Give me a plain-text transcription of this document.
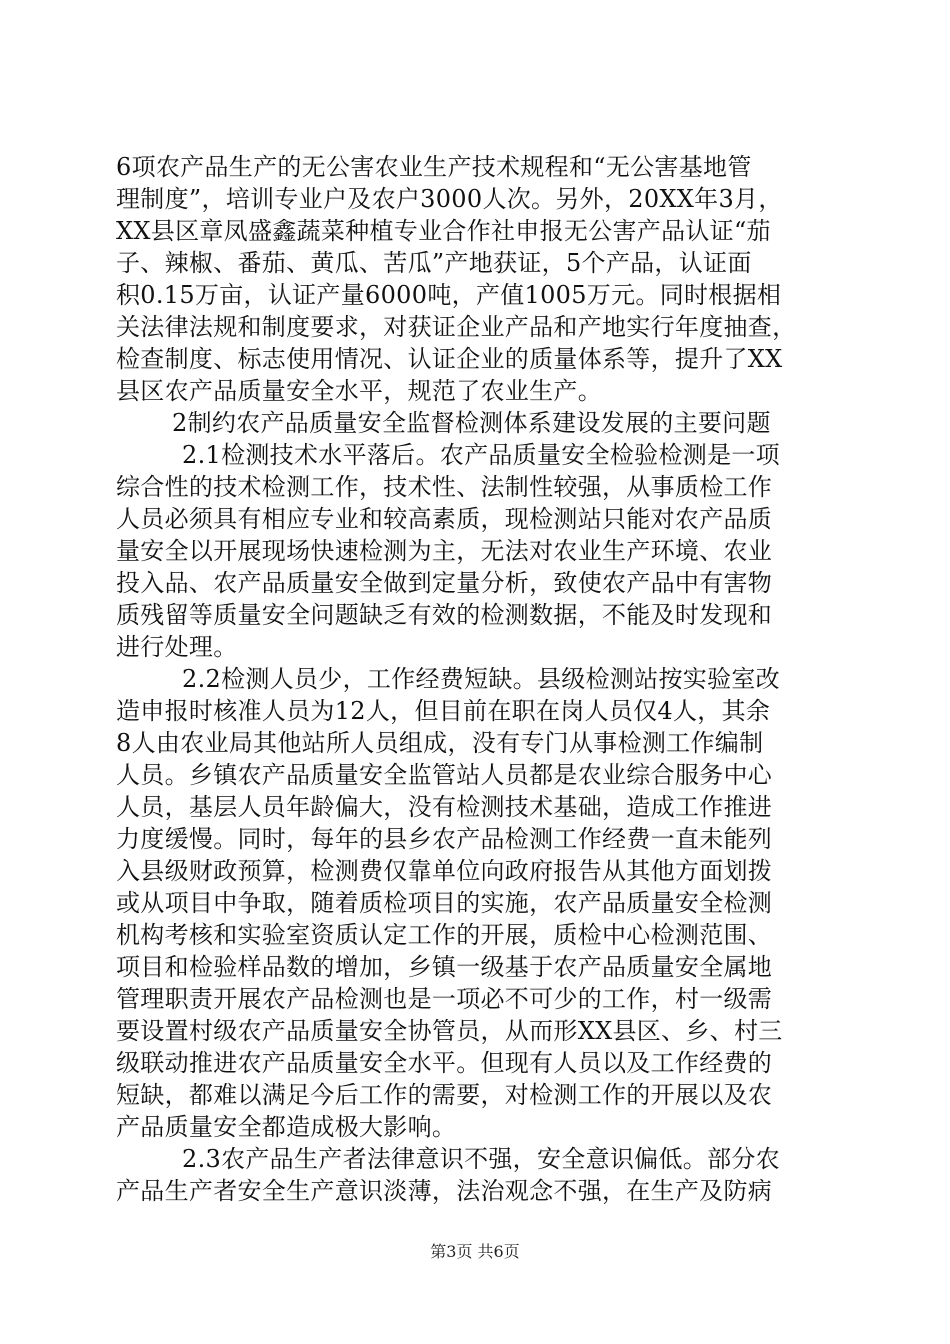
6项农产品生产的无公害农业生产技术规程和“无公害基地管
理制度”，培训专业户及农户3000人次。另外，20XX年3月，
XX县区章凤盛鑫蔬菜种植专业合作社申报无公害产品认证“茄
子、辣椒、番茄、黄瓜、苦瓜”产地获证，5个产品，认证面
积0.15万亩，认证产量6000吨，产值1005万元。同时根据相
关法律法规和制度要求，对获证企业产品和产地实行年度抽查，
检查制度、标志使用情况、认证企业的质量体系等，提升了XX
县区农产品质量安全水平，规范了农业生产。
2制约农产品质量安全监督检测体系建设发展的主要问题
2.1检测技术水平落后。农产品质量安全检验检测是一项
综合性的技术检测工作，技术性、法制性较强，从事质检工作
人员必须具有相应专业和较高素质，现检测站只能对农产品质
量安全以开展现场快速检测为主，无法对农业生产环境、农业
投入品、农产品质量安全做到定量分析，致使农产品中有害物
质残留等质量安全问题缺乏有效的检测数据，不能及时发现和
进行处理。
2.2检测人员少，工作经费短缺。县级检测站按实验室改
造申报时核准人员为12人，但目前在职在岗人员仅4人，其余
8人由农业局其他站所人员组成，没有专门从事检测工作编制
人员。乡镇农产品质量安全监管站人员都是农业综合服务中心
人员，基层人员年龄偏大，没有检测技术基础，造成工作推进
力度缓慢。同时，每年的县乡农产品检测工作经费一直未能列
入县级财政预算，检测费仅靠单位向政府报告从其他方面划拨
或从项目中争取，随着质检项目的实施，农产品质量安全检测
机构考核和实验室资质认定工作的开展，质检中心检测范围、
项目和检验样品数的增加，乡镇一级基于农产品质量安全属地
管理职责开展农产品检测也是一项必不可少的工作，村一级需
要设置村级农产品质量安全协管员，从而形XX县区、乡、村三
级联动推进农产品质量安全水平。但现有人员以及工作经费的
短缺，都难以满足今后工作的需要，对检测工作的开展以及农
产品质量安全都造成极大影响。
2.3农产品生产者法律意识不强，安全意识偏低。部分农
产品生产者安全生产意识淡薄，法治观念不强，在生产及防病
第3页 共6页
